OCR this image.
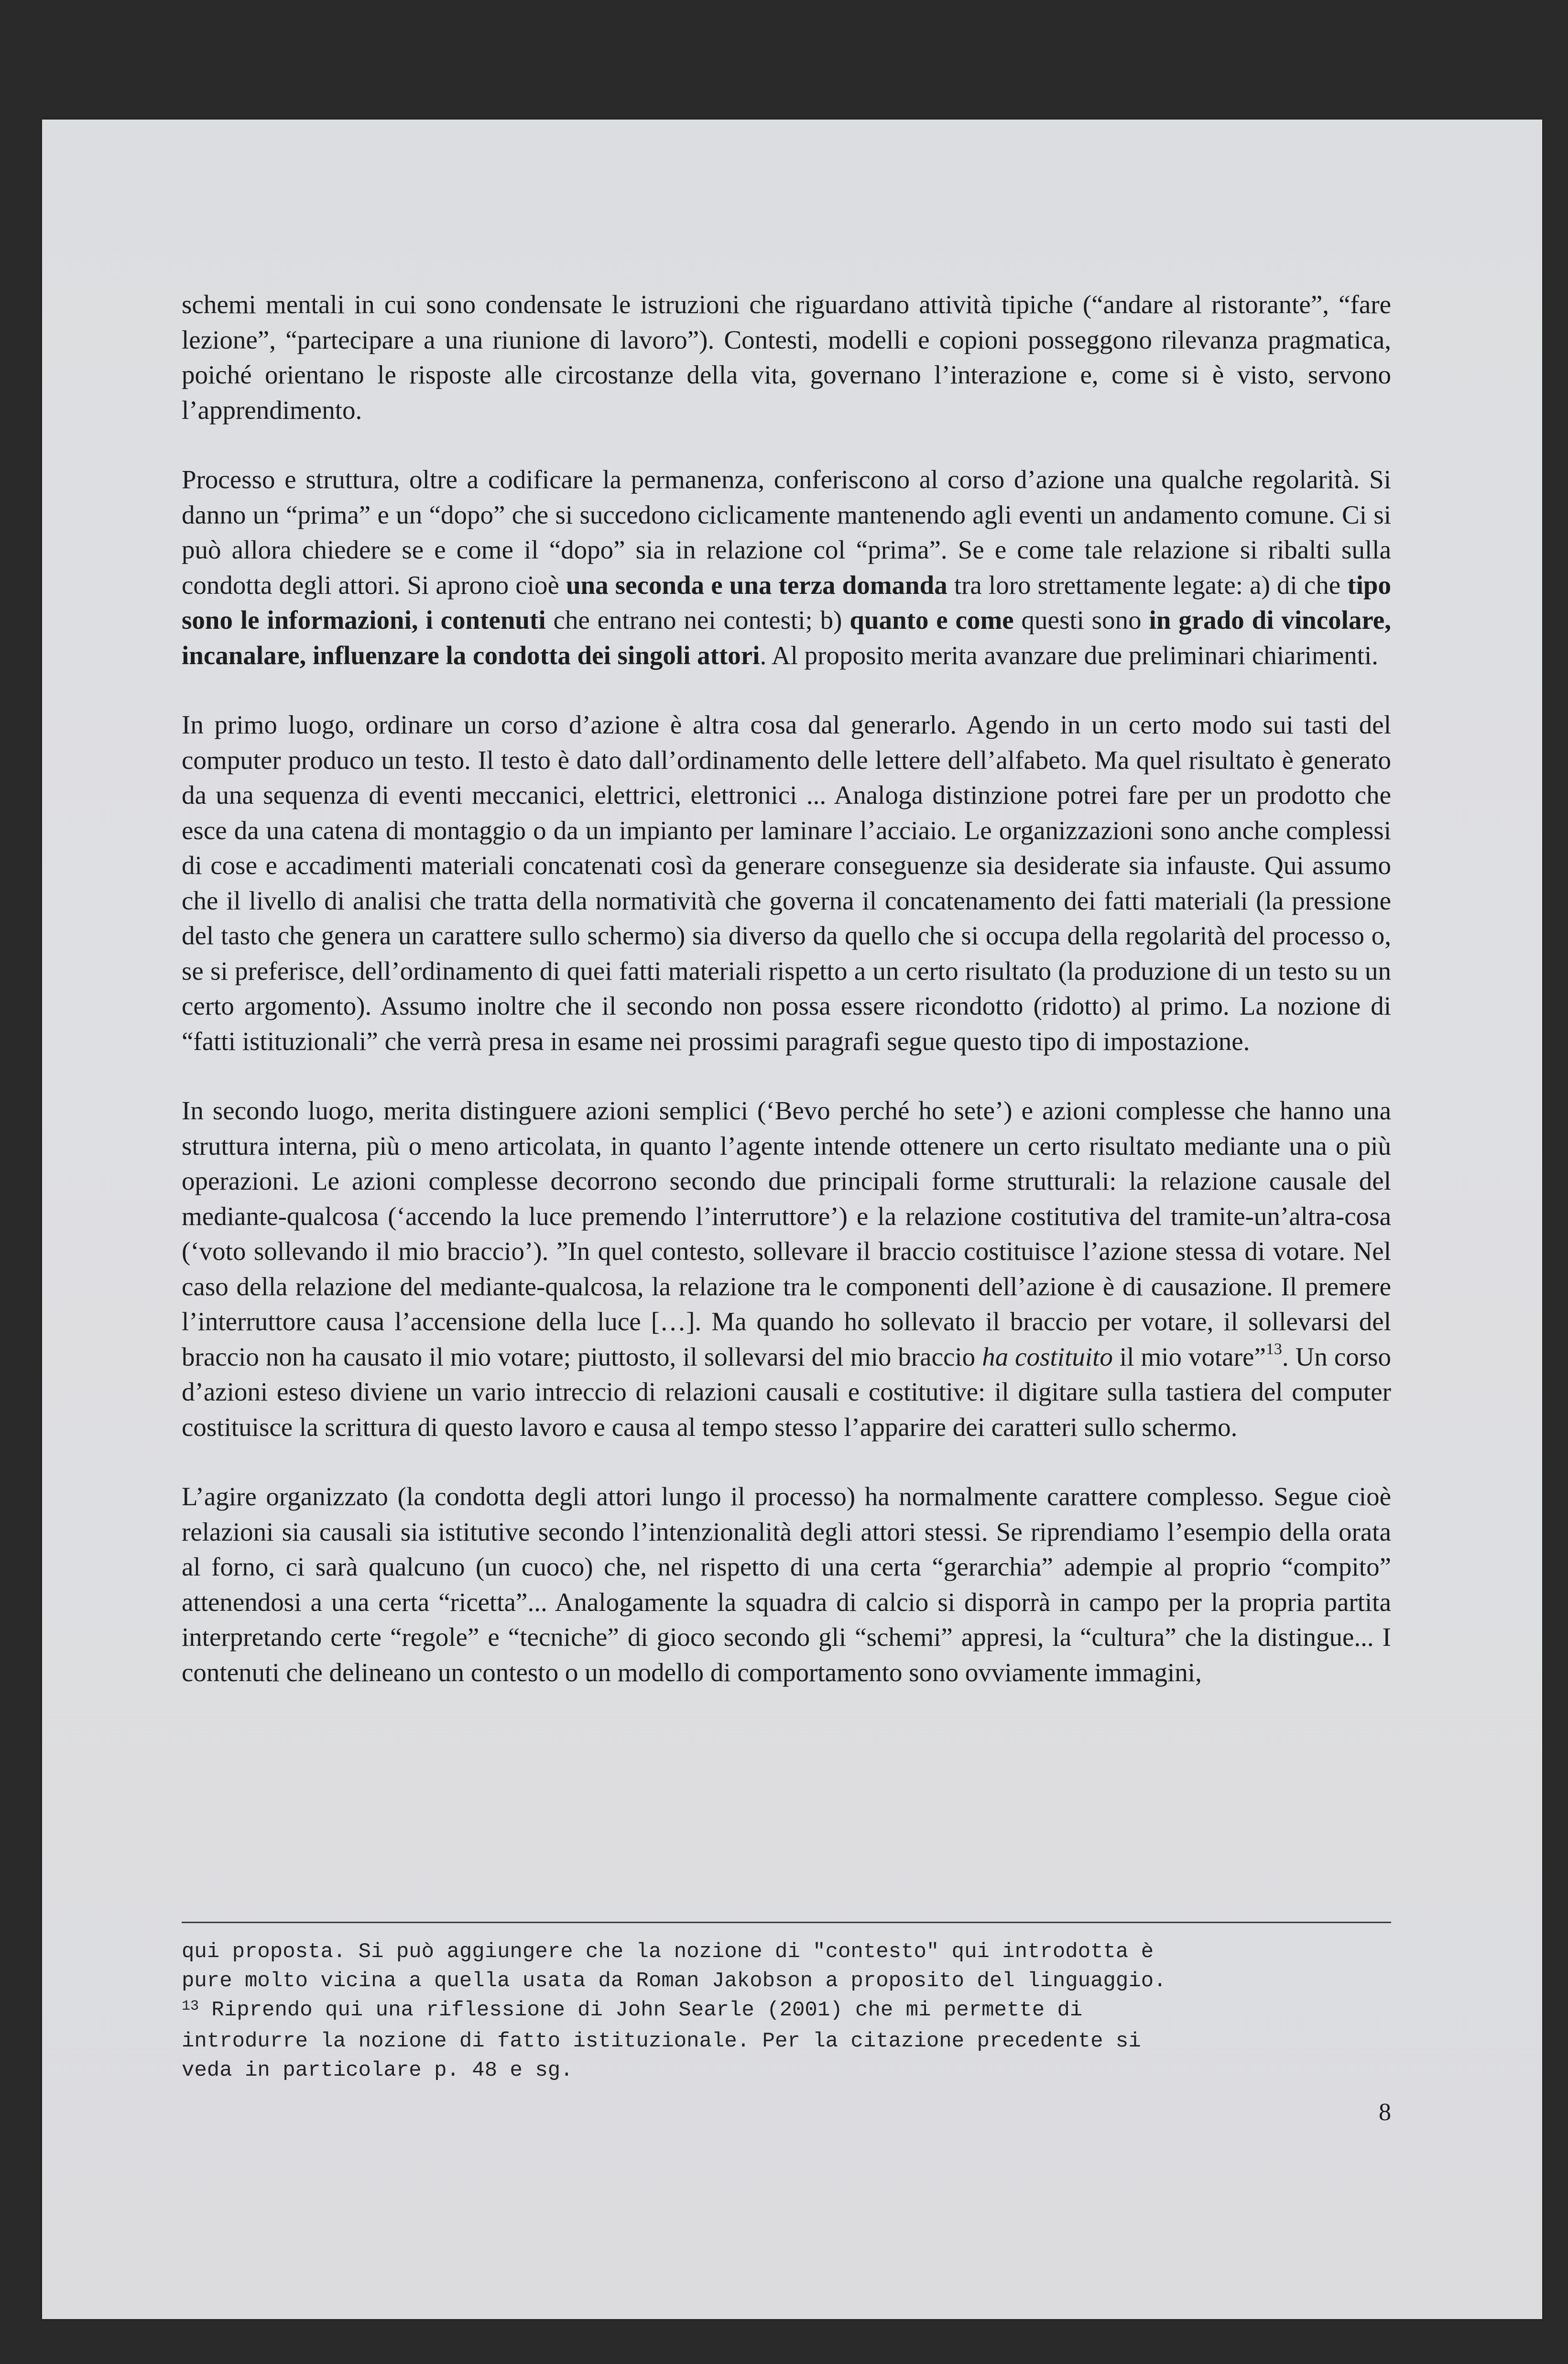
schemi mentali in cui sono condensate le istruzioni che riguardano attività tipiche (“andare al ristorante”, “fare lezione”, “partecipare a una riunione di lavoro”). Contesti, modelli e copioni posseggono rilevanza pragmatica, poiché orientano le risposte alle circostanze della vita, governano l’interazione e, come si è visto, servono l’apprendimento.

Processo e struttura, oltre a codificare la permanenza, conferiscono al corso d’azione una qualche regolarità. Si danno un “prima” e un “dopo” che si succedono ciclicamente mantenendo agli eventi un andamento comune. Ci si può allora chiedere se e come il “dopo” sia in relazione col “prima”. Se e come tale relazione si ribalti sulla condotta degli attori. Si aprono cioè una seconda e una terza domanda tra loro strettamente legate: a) di che tipo sono le informazioni, i contenuti che entrano nei contesti; b) quanto e come questi sono in grado di vincolare, incanalare, influenzare la condotta dei singoli attori. Al proposito merita avanzare due preliminari chiarimenti.

In primo luogo, ordinare un corso d’azione è altra cosa dal generarlo. Agendo in un certo modo sui tasti del computer produco un testo. Il testo è dato dall’ordinamento delle lettere dell’alfabeto. Ma quel risultato è generato da una sequenza di eventi meccanici, elettrici, elettronici ... Analoga distinzione potrei fare per un prodotto che esce da una catena di montaggio o da un impianto per laminare l’acciaio. Le organizzazioni sono anche complessi di cose e accadimenti materiali concatenati così da generare conseguenze sia desiderate sia infauste. Qui assumo che il livello di analisi che tratta della normatività che governa il concatenamento dei fatti materiali (la pressione del tasto che genera un carattere sullo schermo) sia diverso da quello che si occupa della regolarità del processo o, se si preferisce, dell’ordinamento di quei fatti materiali rispetto a un certo risultato (la produzione di un testo su un certo argomento). Assumo inoltre che il secondo non possa essere ricondotto (ridotto) al primo. La nozione di “fatti istituzionali” che verrà presa in esame nei prossimi paragrafi segue questo tipo di impostazione.

In secondo luogo, merita distinguere azioni semplici (‘Bevo perché ho sete’) e azioni complesse che hanno una struttura interna, più o meno articolata, in quanto l’agente intende ottenere un certo risultato mediante una o più operazioni. Le azioni complesse decorrono secondo due principali forme strutturali: la relazione causale del mediante-qualcosa (‘accendo la luce premendo l’interruttore’) e la relazione costitutiva del tramite-un’altra-cosa (‘voto sollevando il mio braccio’). ”In quel contesto, sollevare il braccio costituisce l’azione stessa di votare. Nel caso della relazione del mediante-qualcosa, la relazione tra le componenti dell’azione è di causazione. Il premere l’interruttore causa l’accensione della luce […]. Ma quando ho sollevato il braccio per votare, il sollevarsi del braccio non ha causato il mio votare; piuttosto, il sollevarsi del mio braccio ha costituito il mio votare”$^{13}$. Un corso d’azioni esteso diviene un vario intreccio di relazioni causali e costitutive: il digitare sulla tastiera del computer costituisce la scrittura di questo lavoro e causa al tempo stesso l’apparire dei caratteri sullo schermo.

L’agire organizzato (la condotta degli attori lungo il processo) ha normalmente carattere complesso. Segue cioè relazioni sia causali sia istitutive secondo l’intenzionalità degli attori stessi. Se riprendiamo l’esempio della orata al forno, ci sarà qualcuno (un cuoco) che, nel rispetto di una certa “gerarchia” adempie al proprio “compito” attenendosi a una certa “ricetta”... Analogamente la squadra di calcio si disporrà in campo per la propria partita interpretando certe “regole” e “tecniche” di gioco secondo gli “schemi” appresi, la “cultura” che la distingue... I contenuti che delineano un contesto o un modello di comportamento sono ovviamente immagini,

qui proposta. Si può aggiungere che la nozione di "contesto" qui introdotta è

pure molto vicina a quella usata da Roman Jakobson a proposito del linguaggio.

$^{13}$ Riprendo qui una riflessione di John Searle (2001) che mi permette di

introdurre la nozione di fatto istituzionale. Per la citazione precedente si

veda in particolare p. 48 e sg.

8
